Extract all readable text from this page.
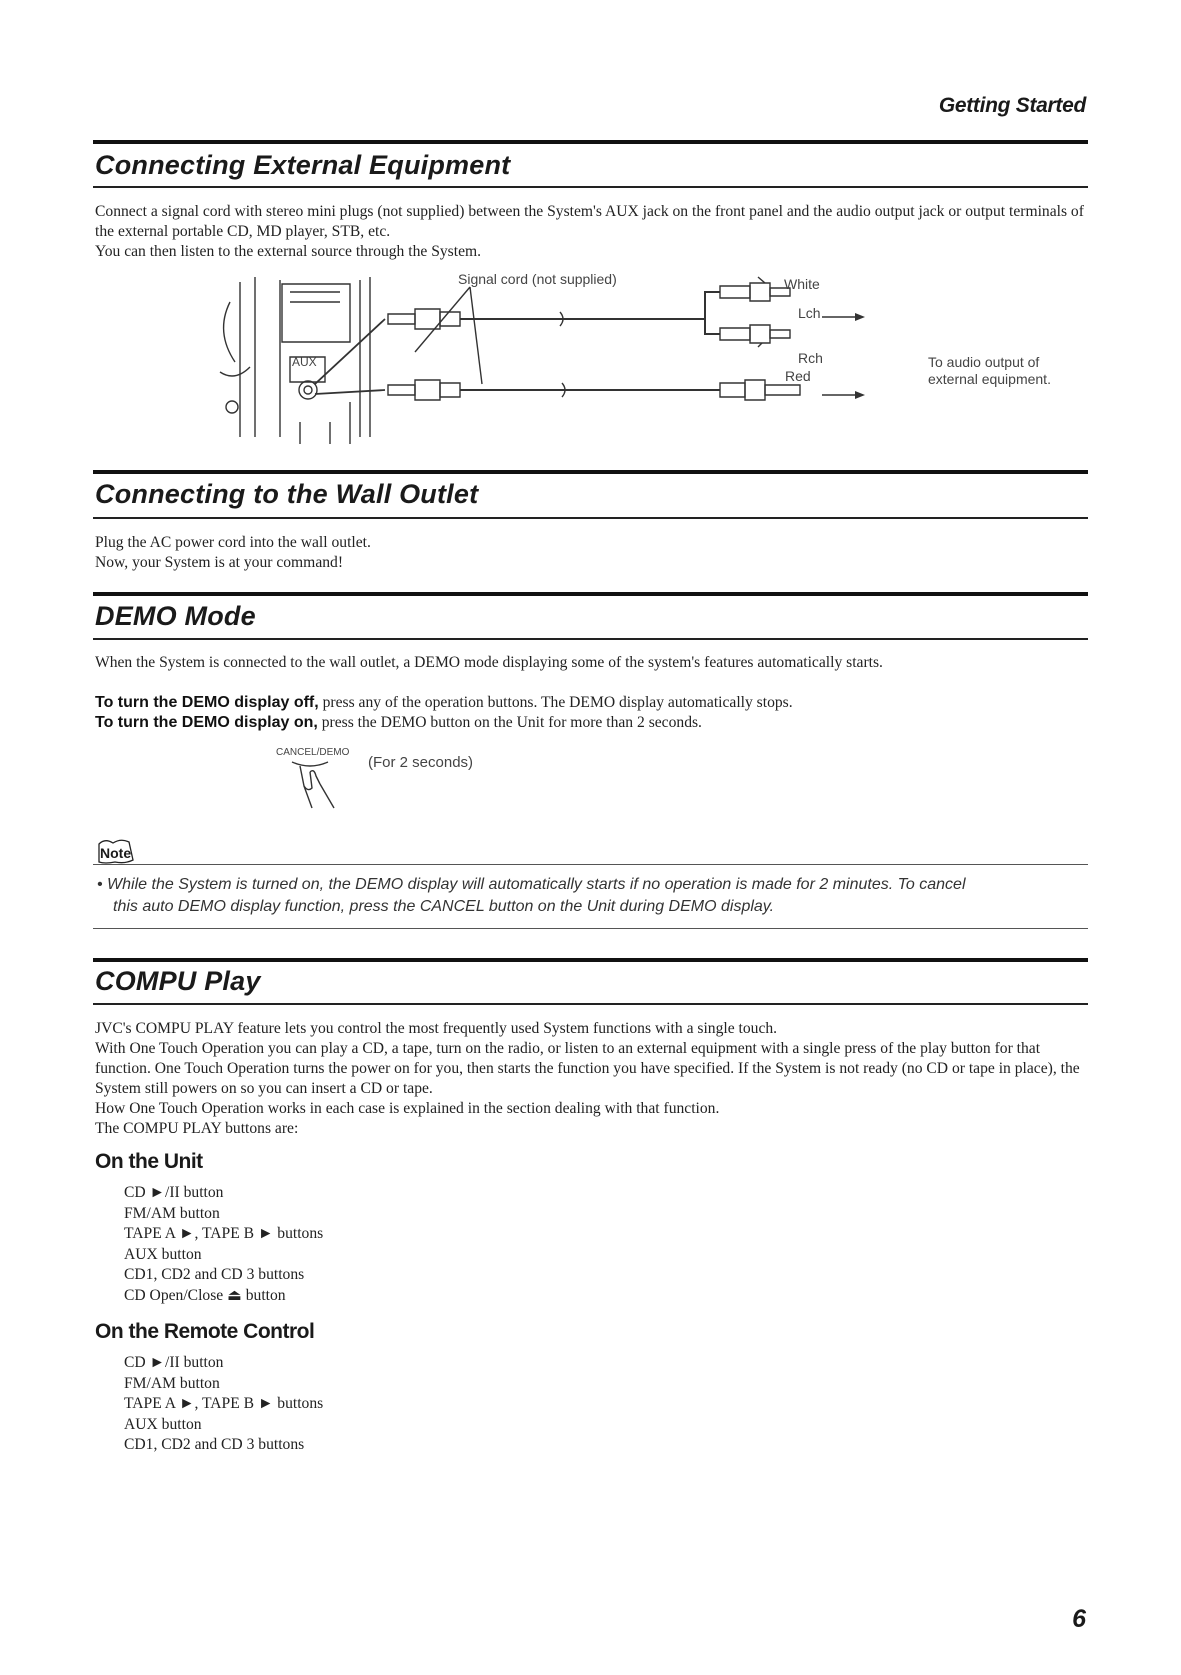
Getting Started
Connecting External Equipment

Connect a signal cord with stereo mini plugs (not supplied) between the System's AUX jack on the front panel and the audio output jack or output terminals of the external portable CD, MD player, STB, etc.

You can then listen to the external source through the System.

Signal cord (not supplied)	White
Lch
Rch
Red
AUX	To audio output of
external equipment.
Connecting to the Wall Outlet

Plug the AC power cord into the wall outlet.

Now, your System is at your command!

DEMO Mode
When the System is connected to the wall outlet, a DEMO mode displaying some of the system's features automatically starts.
To turn the DEMO display off, press any of the operation buttons. The DEMO display automatically stops.
To turn the DEMO display on, press the DEMO button on the Unit for more than 2 seconds.
CANCEL/DEMO
(For 2 seconds)
Note
• While the System is turned on, the DEMO display will automatically starts if no operation is made for 2 minutes. To cancel
this auto DEMO display function, press the CANCEL button on the Unit during DEMO display.
COMPU Play

JVC's COMPU PLAY feature lets you control the most frequently used System functions with a single touch.

With One Touch Operation you can play a CD, a tape, turn on the radio, or listen to an external equipment with a single press of the play button for that function. One Touch Operation turns the power on for you, then starts the function you have specified. If the System is not ready (no CD or tape in place), the System still powers on so you can insert a CD or tape.

How One Touch Operation works in each case is explained in the section dealing with that function.

The COMPU PLAY buttons are:

On the Unit
CD ►/II button
FM/AM button
TAPE A ►, TAPE B ► buttons
AUX button
CD1, CD2 and CD 3 buttons
CD Open/Close ⏏ button
On the Remote Control
CD ►/II button
FM/AM button
TAPE A ►, TAPE B ► buttons
AUX button
CD1, CD2 and CD 3 buttons
6
